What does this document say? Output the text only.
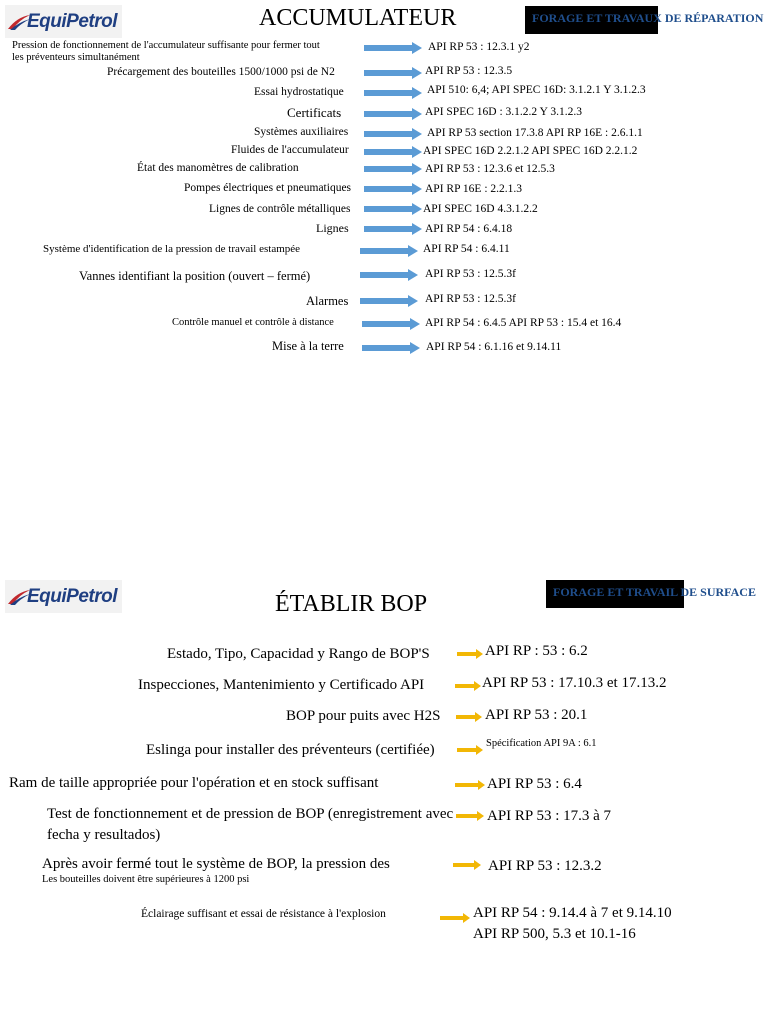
EquiPetrol	ACCUMULATEUR	FORAGE ET TRAVAUX DE RÉPARATION
Pression de fonctionnement de l'accumulateur suffisante pour fermer tout
les préventeurs simultanément
API RP 53 : 12.3.1 y2
Précargement des bouteilles 1500/1000 psi de N2	API RP 53 : 12.3.5
Essai hydrostatique	API 510: 6,4; API SPEC 16D: 3.1.2.1 Y 3.1.2.3
Certificats	API SPEC 16D : 3.1.2.2 Y 3.1.2.3
Systèmes auxiliaires	API RP 53 section 17.3.8 API RP 16E : 2.6.1.1
Fluides de l'accumulateur	API SPEC 16D 2.2.1.2 API SPEC 16D 2.2.1.2
État des manomètres de calibration	API RP 53 : 12.3.6 et 12.5.3
Pompes électriques et pneumatiques	API RP 16E : 2.2.1.3
Lignes de contrôle métalliques	API SPEC 16D 4.3.1.2.2
Lignes	API RP 54 : 6.4.18
Système d'identification de la pression de travail estampée	API RP 54 : 6.4.11
Vannes identifiant la position (ouvert – fermé)	API RP 53 : 12.5.3f
Alarmes	API RP 53 : 12.5.3f
Contrôle manuel et contrôle à distance	API RP 54 : 6.4.5 API RP 53 : 15.4 et 16.4
Mise à la terre	API RP 54 : 6.1.16 et 9.14.11
EquiPetrol	ÉTABLIR BOP	FORAGE ET TRAVAIL DE SURFACE
Estado, Tipo, Capacidad y Rango de BOP'S	API RP : 53 : 6.2
Inspecciones, Mantenimiento y Certificado API	API RP 53 : 17.10.3 et 17.13.2
BOP pour puits avec H2S	API RP 53 : 20.1
Eslinga pour installer des préventeurs (certifiée)	Spécification API 9A : 6.1
Ram de taille appropriée pour l'opération et en stock suffisant	API RP 53 : 6.4
Test de fonctionnement et de pression de BOP (enregistrement avec
fecha y resultados)
API RP 53 : 17.3 à 7
Après avoir fermé tout le système de BOP, la pression des
Les bouteilles doivent être supérieures à 1200 psi
API RP 53 : 12.3.2
Éclairage suffisant et essai de résistance à l'explosion	API RP 54 : 9.14.4 à 7 et 9.14.10
API RP 500, 5.3 et 10.1-16
